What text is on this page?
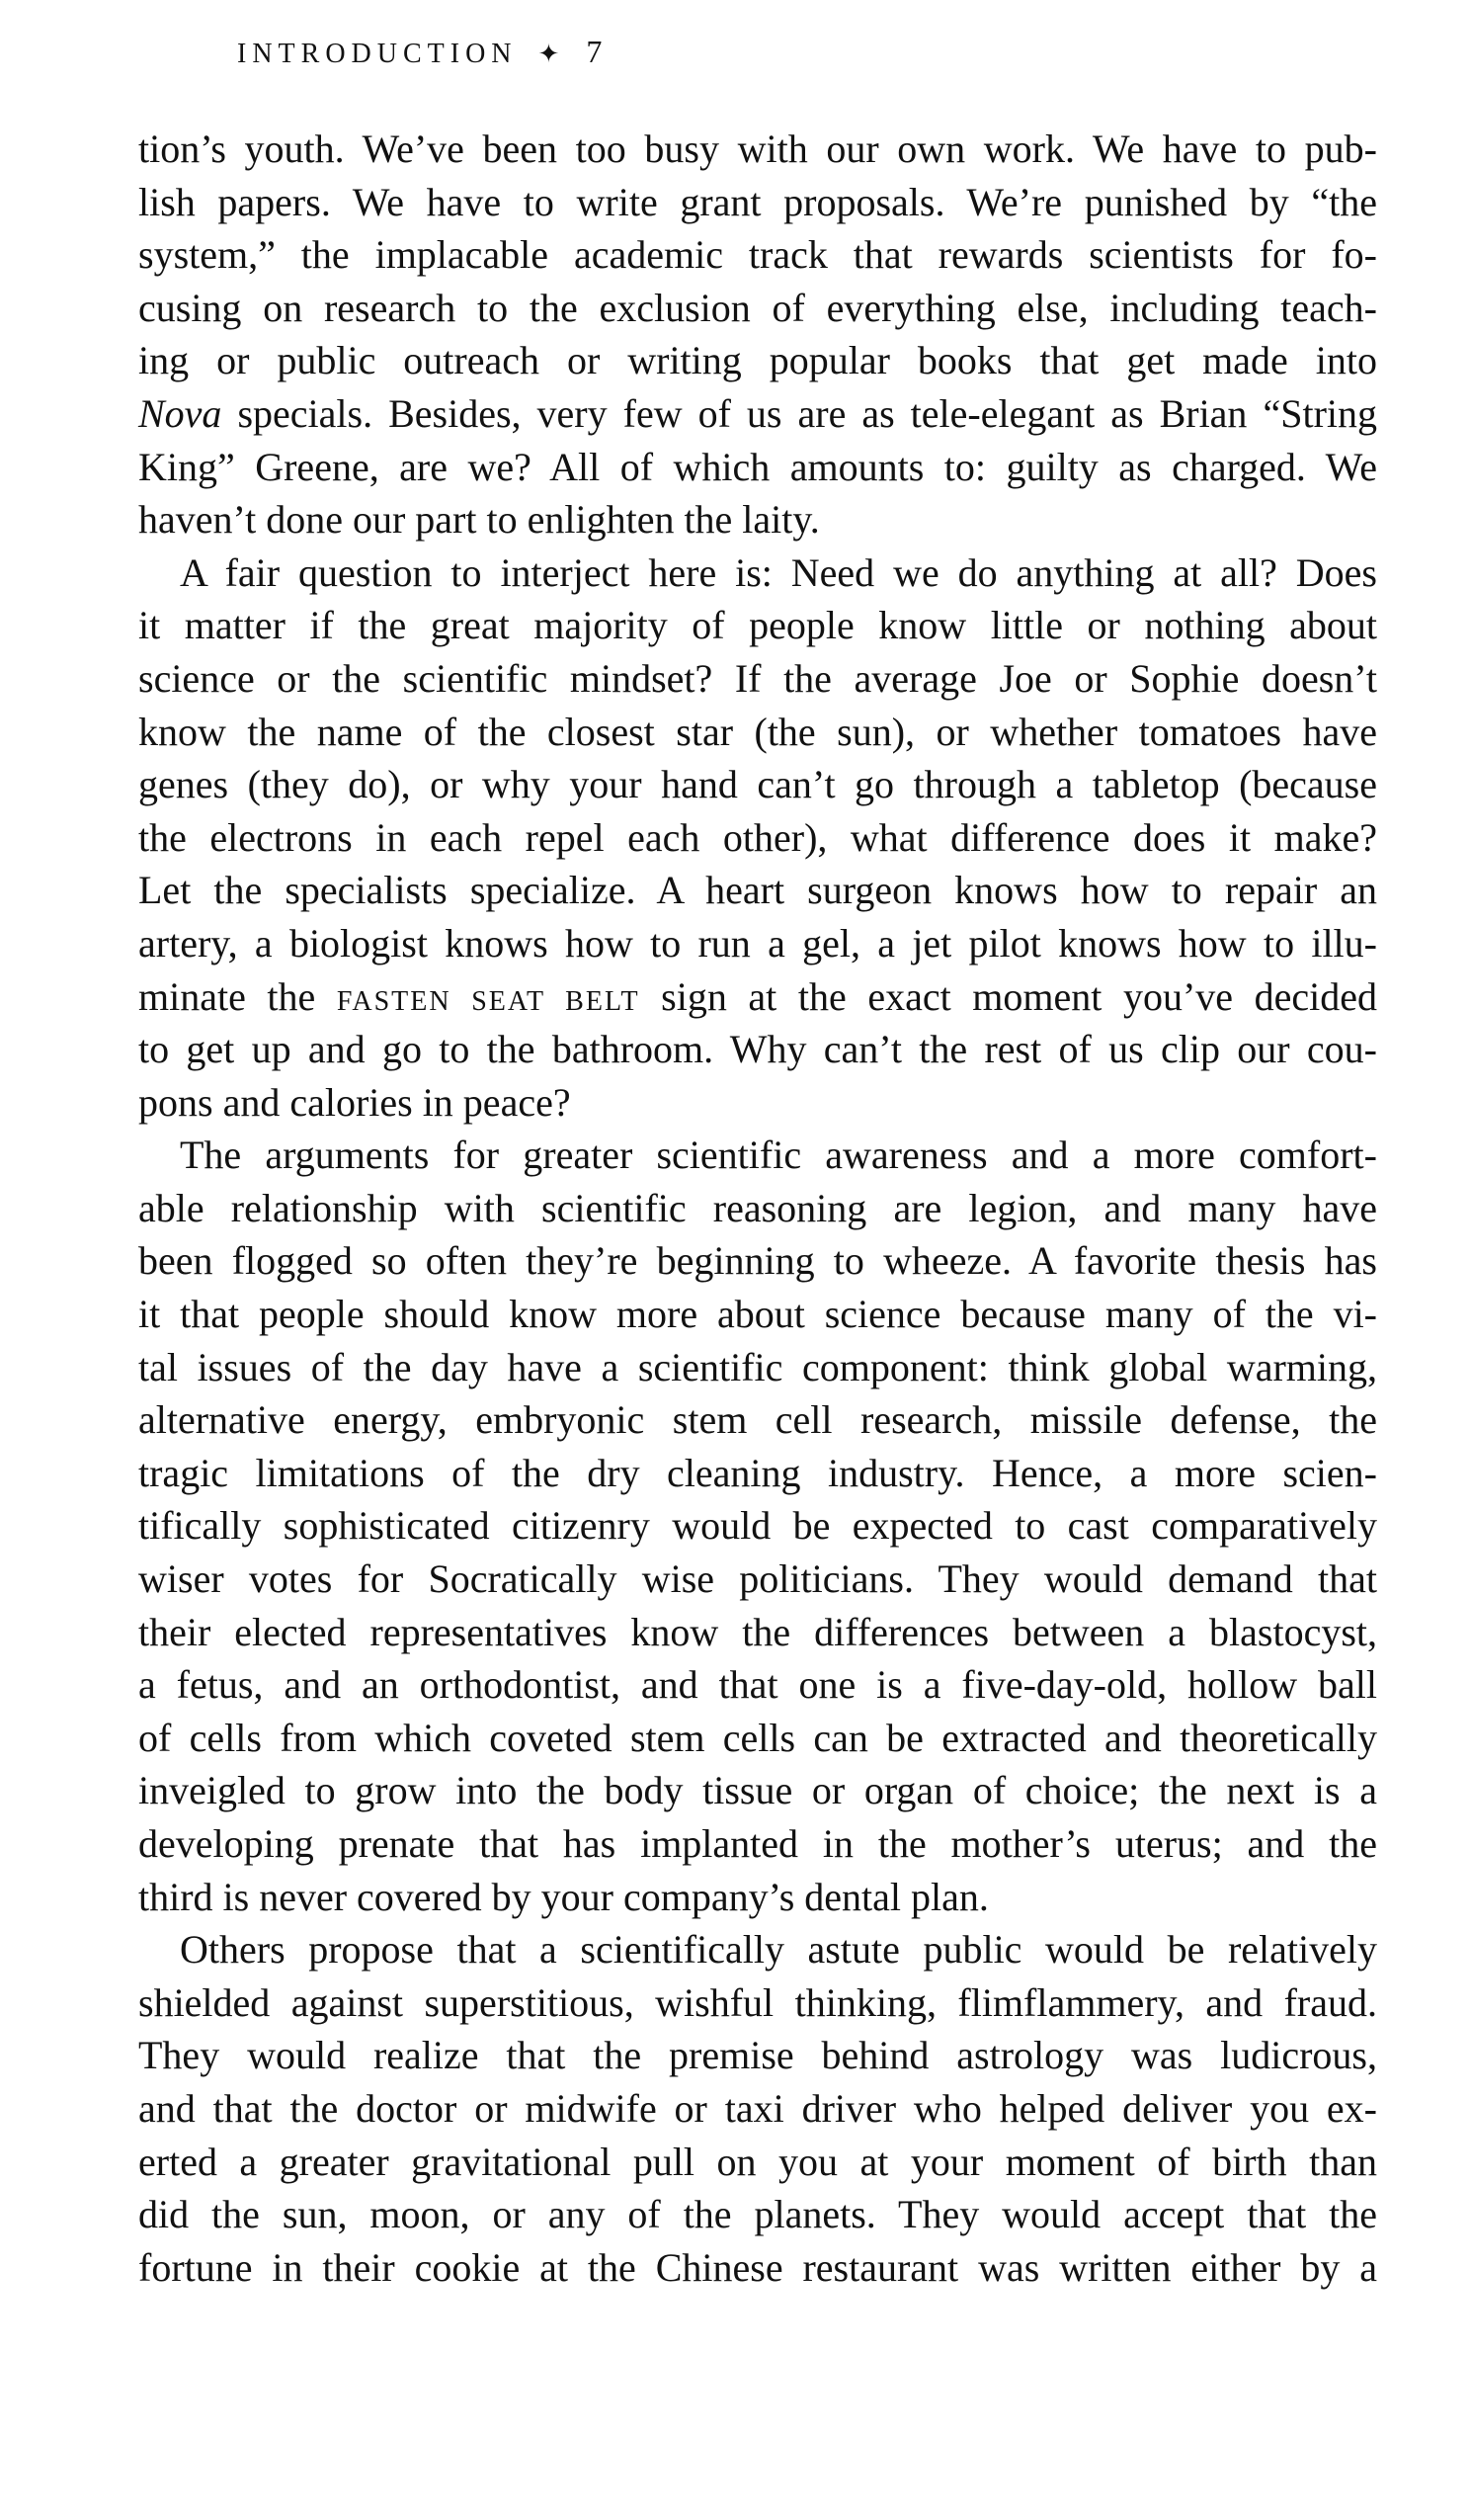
INTRODUCTION ✦ 7
tion’s youth. We’ve been too busy with our own work. We have to pub-
lish papers. We have to write grant proposals. We’re punished by “the
system,” the implacable academic track that rewards scientists for fo-
cusing on research to the exclusion of everything else, including teach-
ing or public outreach or writing popular books that get made into
Nova specials. Besides, very few of us are as tele-elegant as Brian “String
King” Greene, are we? All of which amounts to: guilty as charged. We
haven’t done our part to enlighten the laity.
A fair question to interject here is: Need we do anything at all? Does
it matter if the great majority of people know little or nothing about
science or the scientific mindset? If the average Joe or Sophie doesn’t
know the name of the closest star (the sun), or whether tomatoes have
genes (they do), or why your hand can’t go through a tabletop (because
the electrons in each repel each other), what difference does it make?
Let the specialists specialize. A heart surgeon knows how to repair an
artery, a biologist knows how to run a gel, a jet pilot knows how to illu-
minate the FASTEN SEAT BELT sign at the exact moment you’ve decided
to get up and go to the bathroom. Why can’t the rest of us clip our cou-
pons and calories in peace?
The arguments for greater scientific awareness and a more comfort-
able relationship with scientific reasoning are legion, and many have
been flogged so often they’re beginning to wheeze. A favorite thesis has
it that people should know more about science because many of the vi-
tal issues of the day have a scientific component: think global warming,
alternative energy, embryonic stem cell research, missile defense, the
tragic limitations of the dry cleaning industry. Hence, a more scien-
tifically sophisticated citizenry would be expected to cast comparatively
wiser votes for Socratically wise politicians. They would demand that
their elected representatives know the differences between a blastocyst,
a fetus, and an orthodontist, and that one is a five-day-old, hollow ball
of cells from which coveted stem cells can be extracted and theoretically
inveigled to grow into the body tissue or organ of choice; the next is a
developing prenate that has implanted in the mother’s uterus; and the
third is never covered by your company’s dental plan.
Others propose that a scientifically astute public would be relatively
shielded against superstitious, wishful thinking, flimflammery, and fraud.
They would realize that the premise behind astrology was ludicrous,
and that the doctor or midwife or taxi driver who helped deliver you ex-
erted a greater gravitational pull on you at your moment of birth than
did the sun, moon, or any of the planets. They would accept that the
fortune in their cookie at the Chinese restaurant was written either by a
